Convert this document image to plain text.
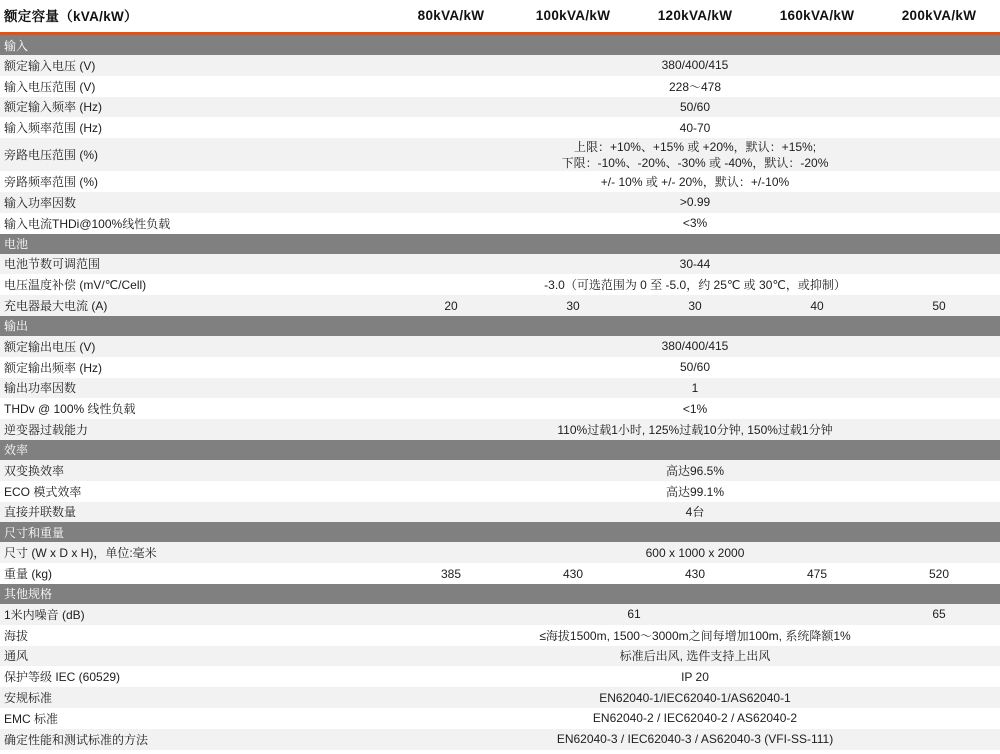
额定容量（kVA/kW）	80kVA/kW	100kVA/kW	120kVA/kW	160kVA/kW	200kVA/kW

输入					
额定输入电压 (V)	380/400/415				
输入电压范围 (V)	228〜478				
额定输入频率 (Hz)	50/60				
输入频率范围 (Hz)	40-70				
旁路电压范围 (%)	上限：+10%、+15% 或 +20%，默认：+15%;
下限：-10%、-20%、-30% 或 -40%，默认：-20%				

旁路频率范围 (%)	+/- 10% 或 +/- 20%，默认：+/-10%				
输入功率因数	>0.99				
输入电流THDi@100%线性负载	<3%				
电池					
电池节数可调范围	30-44				
电压温度补偿 (mV/℃/Cell)	-3.0（可选范围为 0 至 -5.0，约 25℃ 或 30℃，或抑制）				
充电器最大电流 (A)	20	30	30	40	50
输出					
额定输出电压 (V)	380/400/415				
额定输出频率 (Hz)	50/60				
输出功率因数	1				
THDv @ 100% 线性负载	<1%				
逆变器过载能力	110%过载1小时, 125%过载10分钟, 150%过载1分钟				
效率					
双变换效率	高达96.5%				
ECO 模式效率	高达99.1%				
直接并联数量	4台				
尺寸和重量					
尺寸 (W x D x H)，单位:毫米	600 x 1000 x 2000				
重量 (kg)	385	430	430	475	520
其他规格					
1米内噪音 (dB)	61				65
海拔	≤海拔1500m, 1500〜3000m之间每增加100m, 系统降额1%				
通风	标准后出风, 选件支持上出风				
保护等级 IEC (60529)	IP 20				
安规标准	EN62040-1/IEC62040-1/AS62040-1				
EMC 标准	EN62040-2 / IEC62040-2 / AS62040-2				
确定性能和测试标准的方法	EN62040-3 / IEC62040-3 / AS62040-3 (VFI-SS-111)				
